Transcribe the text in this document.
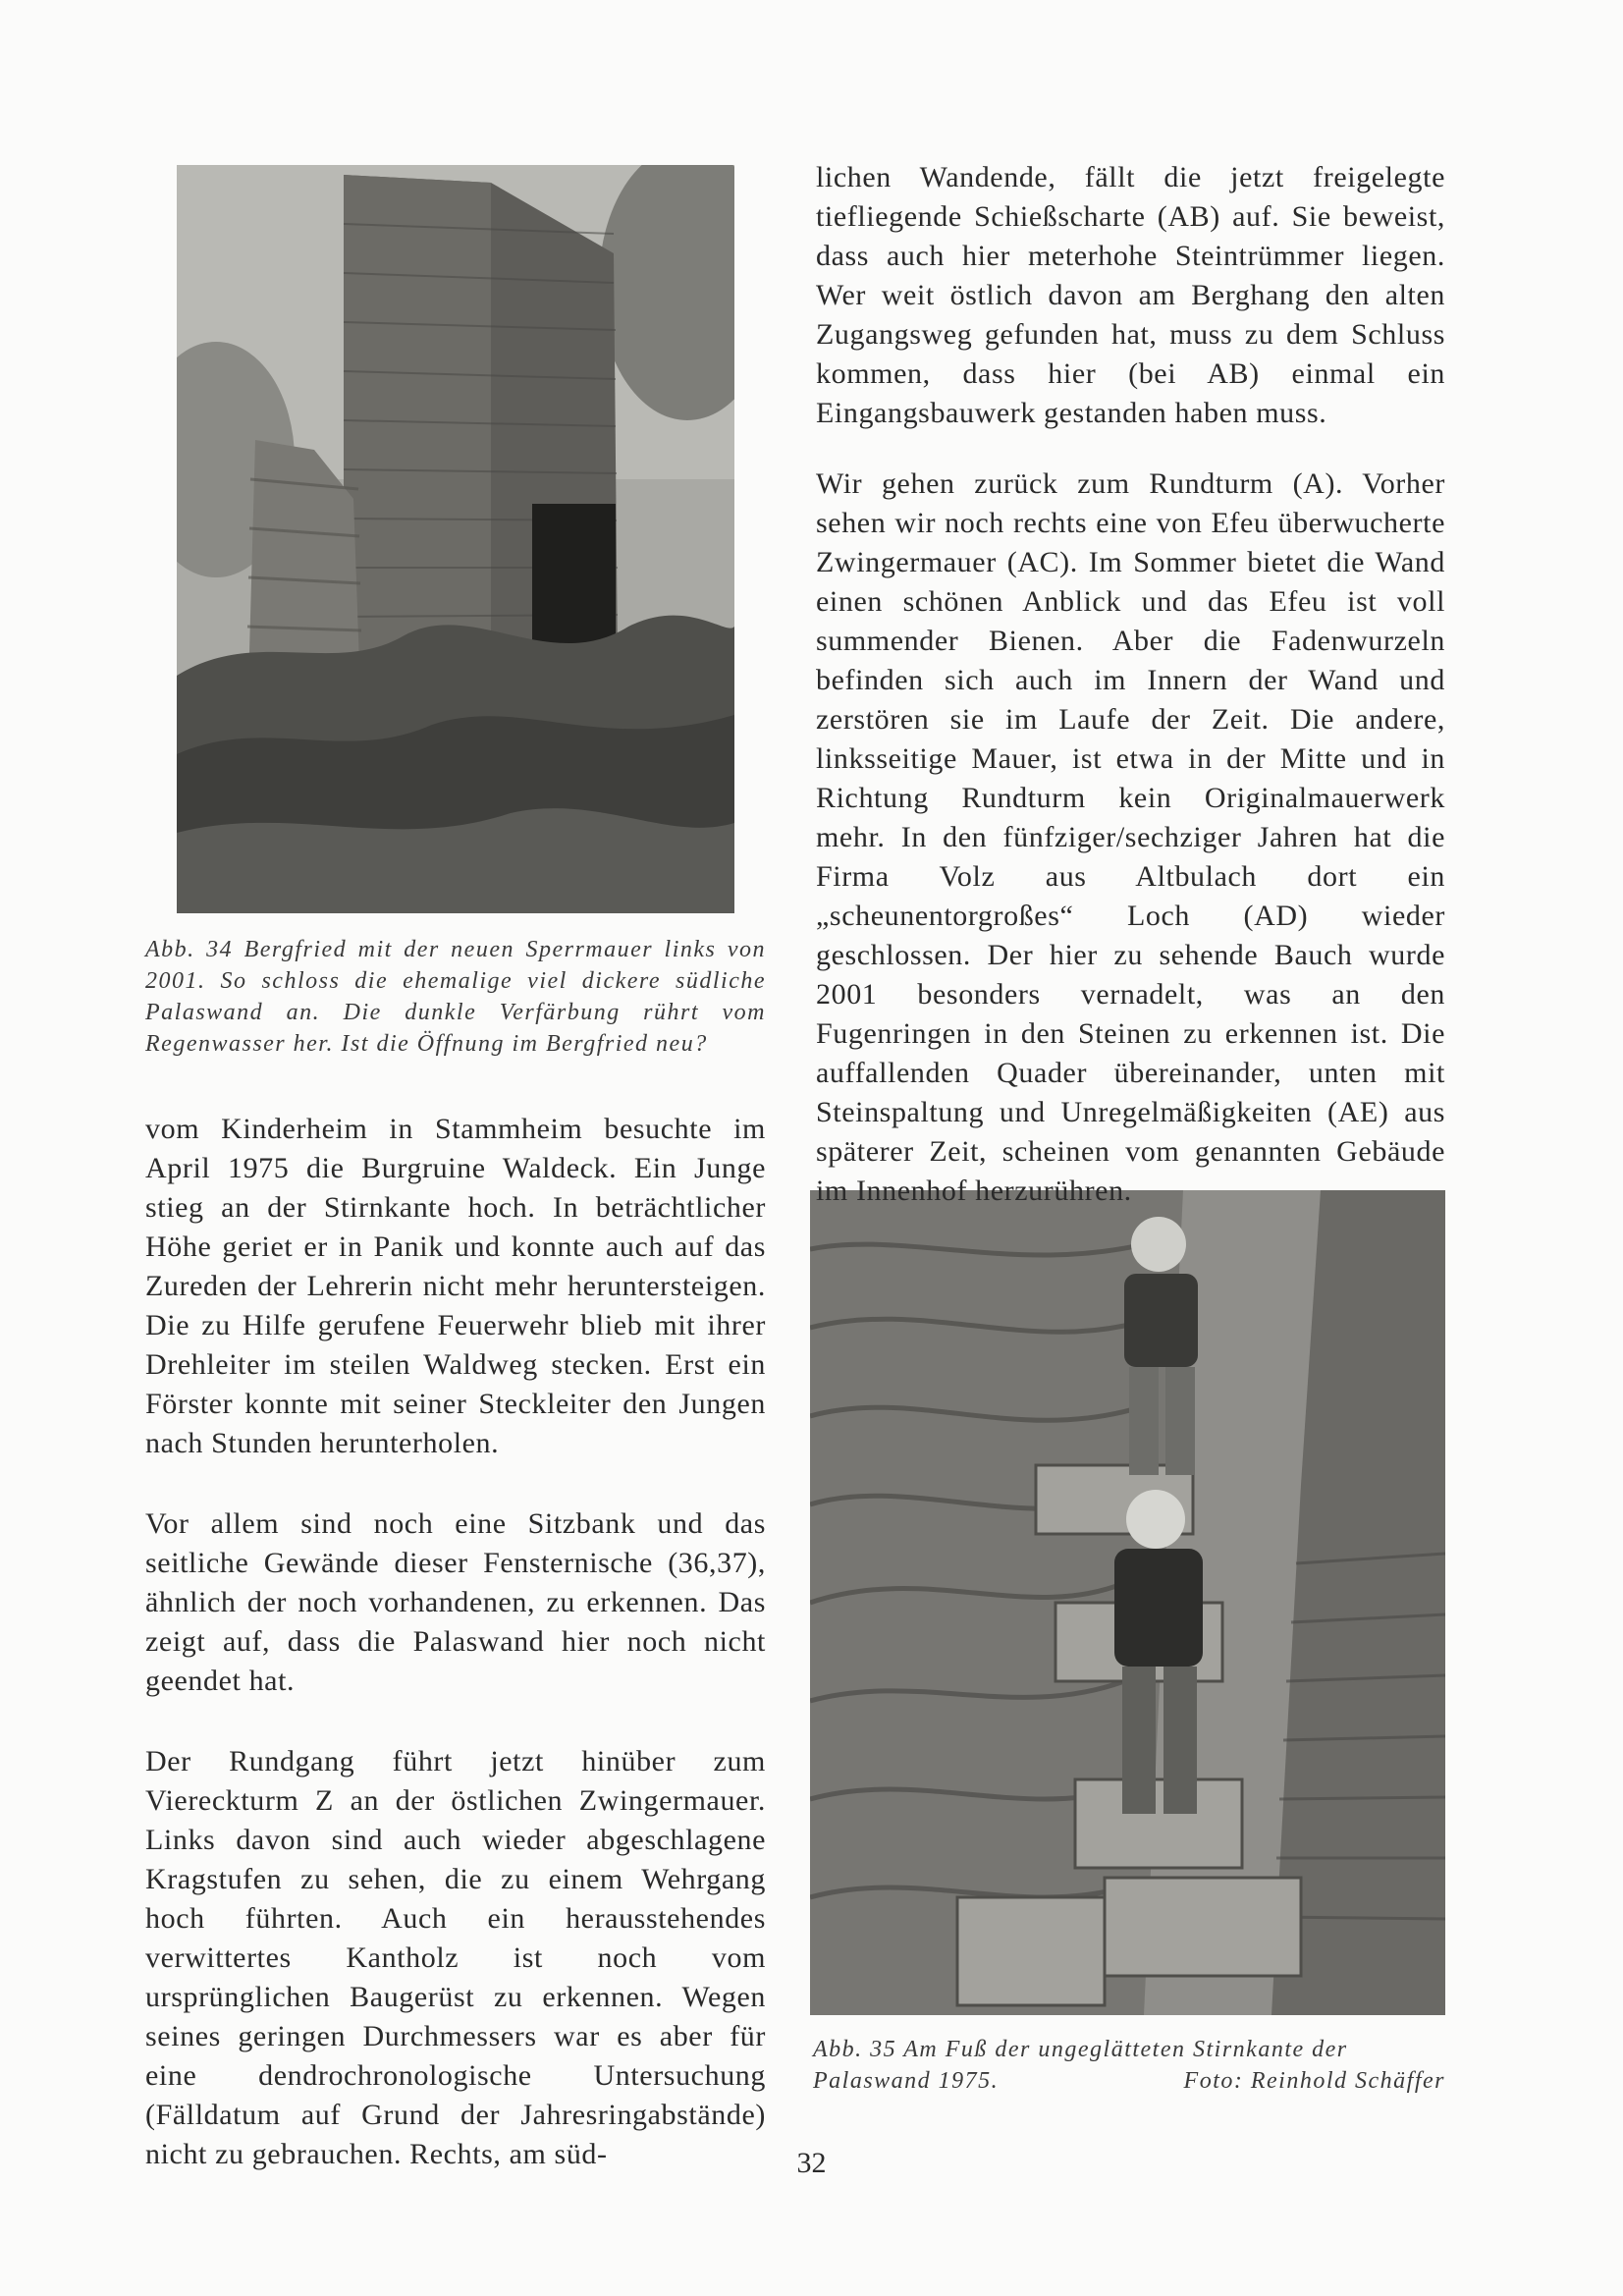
Abb. 34 Bergfried mit der neuen Sperrmauer links von 2001. So schloss die ehemalige viel dickere südliche Palaswand an. Die dunkle Verfärbung rührt vom Regenwasser her. Ist die Öffnung im Bergfried neu?
Abb. 35 Am Fuß der ungeglätteten Stirnkante der
Palaswand 1975.	Foto: Reinhold Schäffer

vom Kinderheim in Stammheim besuchte im April 1975 die Burgruine Waldeck. Ein Junge stieg an der Stirnkante hoch. In beträchtlicher Höhe geriet er in Panik und konnte auch auf das Zureden der Lehrerin nicht mehr heruntersteigen. Die zu Hilfe gerufene Feuerwehr blieb mit ihrer Drehleiter im steilen Waldweg stecken. Erst ein Förster konnte mit seiner Steckleiter den Jungen nach Stunden herunterholen.

Vor allem sind noch eine Sitzbank und das seitliche Gewände dieser Fensternische (36,37), ähnlich der noch vorhandenen, zu erkennen. Das zeigt auf, dass die Palaswand hier noch nicht geendet hat.

Der Rundgang führt jetzt hinüber zum Viereckturm Z an der östlichen Zwingermauer. Links davon sind auch wieder abgeschlagene Kragstufen zu sehen, die zu einem Wehrgang hoch führten. Auch ein herausstehendes verwittertes Kantholz ist noch vom ursprünglichen Baugerüst zu erkennen. Wegen seines geringen Durchmessers war es aber für eine dendrochronologische Untersuchung (Fälldatum auf Grund der Jahresringabstände) nicht zu gebrauchen. Rechts, am süd-

lichen Wandende, fällt die jetzt freigelegte tiefliegende Schießscharte (AB) auf. Sie beweist, dass auch hier meterhohe Steintrümmer liegen. Wer weit östlich davon am Berghang den alten Zugangsweg gefunden hat, muss zu dem Schluss kommen, dass hier (bei AB) einmal ein Eingangsbauwerk gestanden haben muss.

Wir gehen zurück zum Rundturm (A). Vorher sehen wir noch rechts eine von Efeu überwucherte Zwingermauer (AC). Im Sommer bietet die Wand einen schönen Anblick und das Efeu ist voll summender Bienen. Aber die Fadenwurzeln befinden sich auch im Innern der Wand und zerstören sie im Laufe der Zeit. Die andere, linksseitige Mauer, ist etwa in der Mitte und in Richtung Rundturm kein Originalmauerwerk mehr. In den fünfziger/sechziger Jahren hat die Firma Volz aus Altbulach dort ein „scheunentorgroßes“ Loch (AD) wieder geschlossen. Der hier zu sehende Bauch wurde 2001 besonders vernadelt, was an den Fugenringen in den Steinen zu erkennen ist. Die auffallenden Quader übereinander, unten mit Steinspaltung und Unregelmäßigkeiten (AE) aus späterer Zeit, scheinen vom genannten Gebäude im Innenhof herzurühren.

32
